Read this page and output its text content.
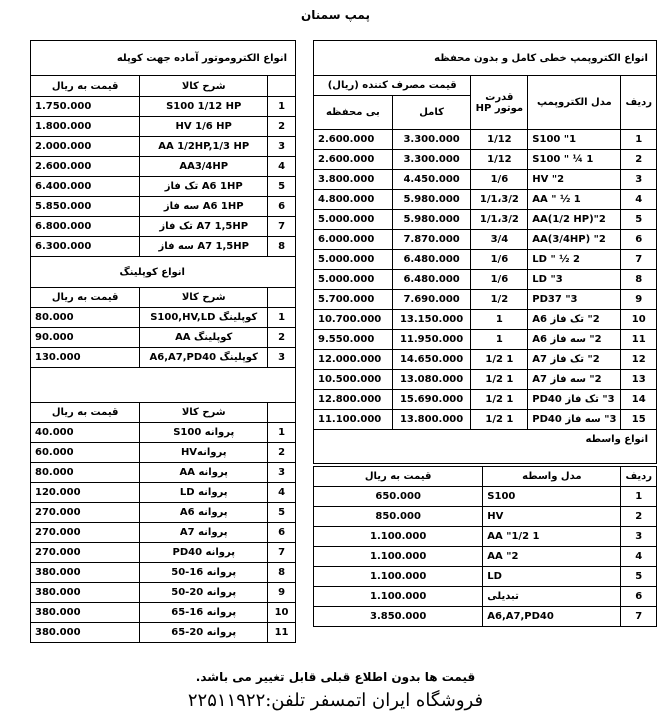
پمپ سمنان
انواع الکتروپمپ خطی کامل و بدون محفظه				
ردیف	مدل الکتروپمپ	قدرت موتور HP	قیمت مصرف کننده (ریال)	
			کامل	بی محفظه
1	1" S100	1/12	3.300.000	2.600.000
2	1 ¼ " S100	1/12	3.300.000	2.600.000
3	2" HV	1/6	4.450.000	3.800.000
4	1 ½ " AA	1/1،3/2	5.980.000	4.800.000
5	2"AA(1/2 HP)	1/1،3/2	5.980.000	5.000.000
6	2" AA(3/4HP)	3/4	7.870.000	6.000.000
7	2 ½ " LD	1/6	6.480.000	5.000.000
8	3" LD	1/6	6.480.000	5.000.000
9	3" PD37	1/2	7.690.000	5.700.000
10	2" تک فاز A6	1	13.150.000	10.700.000
11	2" سه فاز A6	1	11.950.000	9.550.000
12	2" تک فاز A7	1 1/2	14.650.000	12.000.000
13	2" سه فاز A7	1 1/2	13.080.000	10.500.000
14	3" تک فاز PD40	1 1/2	15.690.000	12.800.000
15	3" سه فاز PD40	1 1/2	13.800.000	11.100.000
انواع واسطه				

ردیف	مدل واسطه	قیمت به ریال
1	S100	650.000
2	HV	850.000
3	1 1/2" AA	1.100.000
4	2" AA	1.100.000
5	LD	1.100.000
6	تبدیلی	1.100.000
7	A6,A7,PD40	3.850.000
انواع الکتروموتور آماده جهت کوپله		
	شرح کالا	قیمت به ریال
1	S100 1/12 HP	1.750.000
2	HV 1/6 HP	1.800.000
3	AA 1/2HP,1/3 HP	2.000.000
4	AA3/4HP	2.600.000
5	A6 1HP تک فاز	6.400.000
6	A6 1HP سه فاز	5.850.000
7	A7 1,5HP تک فاز	6.800.000
8	A7 1,5HP سه فاز	6.300.000
انواع کوپلینگ		
	شرح کالا	قیمت به ریال
1	کوپلینگ S100,HV,LD	80.000
2	کوپلینگ AA	90.000
3	کوپلینگ A6,A7,PD40	130.000

	شرح کالا	قیمت به ریال
1	پروانه S100	40.000
2	پروانهHV	60.000
3	پروانه AA	80.000
4	پروانه LD	120.000
5	پروانه A6	270.000
6	پروانه A7	270.000
7	پروانه PD40	270.000
8	پروانه 16-50	380.000
9	پروانه 20-50	380.000
10	پروانه 16-65	380.000
11	پروانه 20-65	380.000
قیمت ها بدون اطلاع قبلی قابل تغییر می باشد.
فروشگاه ایران اتمسفر تلفن:۲۲۵۱۱۹۲۲
